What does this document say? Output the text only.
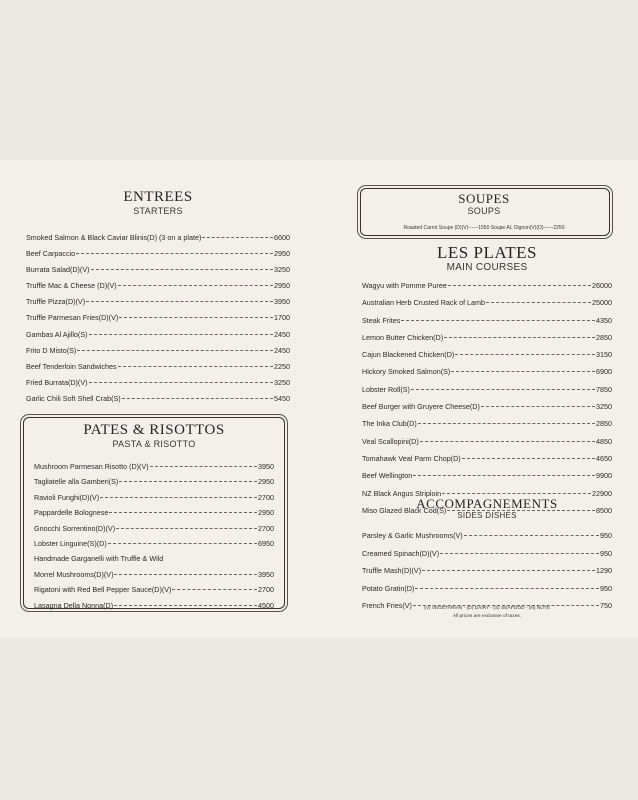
ENTREES
STARTERS
Smoked Salmon & Black Caviar Blinis(D) (3 on a plate)	6600
Beef Carpaccio	2950
Burrata Salad(D)(V)	3250
Truffle Mac & Cheese (D)(V)	2950
Truffle Pizza(D)(V)	3950
Truffle Parmesan Fries(D)(V)	1700
Gambas Al Ajillo(S)	2450
Frito D Misto(S)	2450
Beef Tenderloin Sandwiches	2250
Fried Burrata(D)(V)	3250
Garlic Chili Soft Shell Crab(S)	5450
PATES & RISOTTOS
PASTA & RISOTTO
Mushroom Parmesan Risotto (D)(V)	3950
Tagliatelle alla Gamberi(S)	2950
Ravioli Funghi(D)(V)	2700
Pappardelle Bolognese	2950
Gnocchi Sorrentino(D)(V)	2700
Lobster Linguine(S)(D)	6950
Handmade Garganelli with Truffle & Wild
Morrel Mushrooms(D)(V)	3950
Rigatoni with Red Bell Pepper Sauce(D)(V)	2700
Lasagna Della Nonna(D)	4500
SOUPES
SOUPS
Roasted Carrot Soupe (D)(V)------1550 Soupe AL Oignon(V)(D)------2250
LES PLATES
MAIN COURSES
Wagyu with Pomme Puree	26000
Australian Herb Crusted Rack of Lamb	25000
Steak Frites	4350
Lemon Butter Chicken(D)	2850
Cajun Blackened Chicken(D)	3150
Hickory Smoked Salmon(S)	6900
Lobster Roll(S)	7850
Beef Burger with Gruyere Cheese(D)	3250
The Inka Club(D)	2850
Veal Scallopini(D)	4850
Tomahawk Veal Parm Chop(D)	4650
Beef Wellington	9900
NZ Black Angus Striploin	22900
Miso Glazed Black Cod(S)	8500
ACCOMPAGNEMENTS
SIDES DISHES
Parsley & Garlic Mushrooms(V)	950
Creamed Spinach(D)(V)	950
Truffle Mash(D)(V)	1290
Potato Gratin(D)	950
French Fries(V)	750
(V) VEGETARIAN - (D) DAIRY - (S) SEAFOOD - (N) NUTS
All prices are exclusive of taxes.
